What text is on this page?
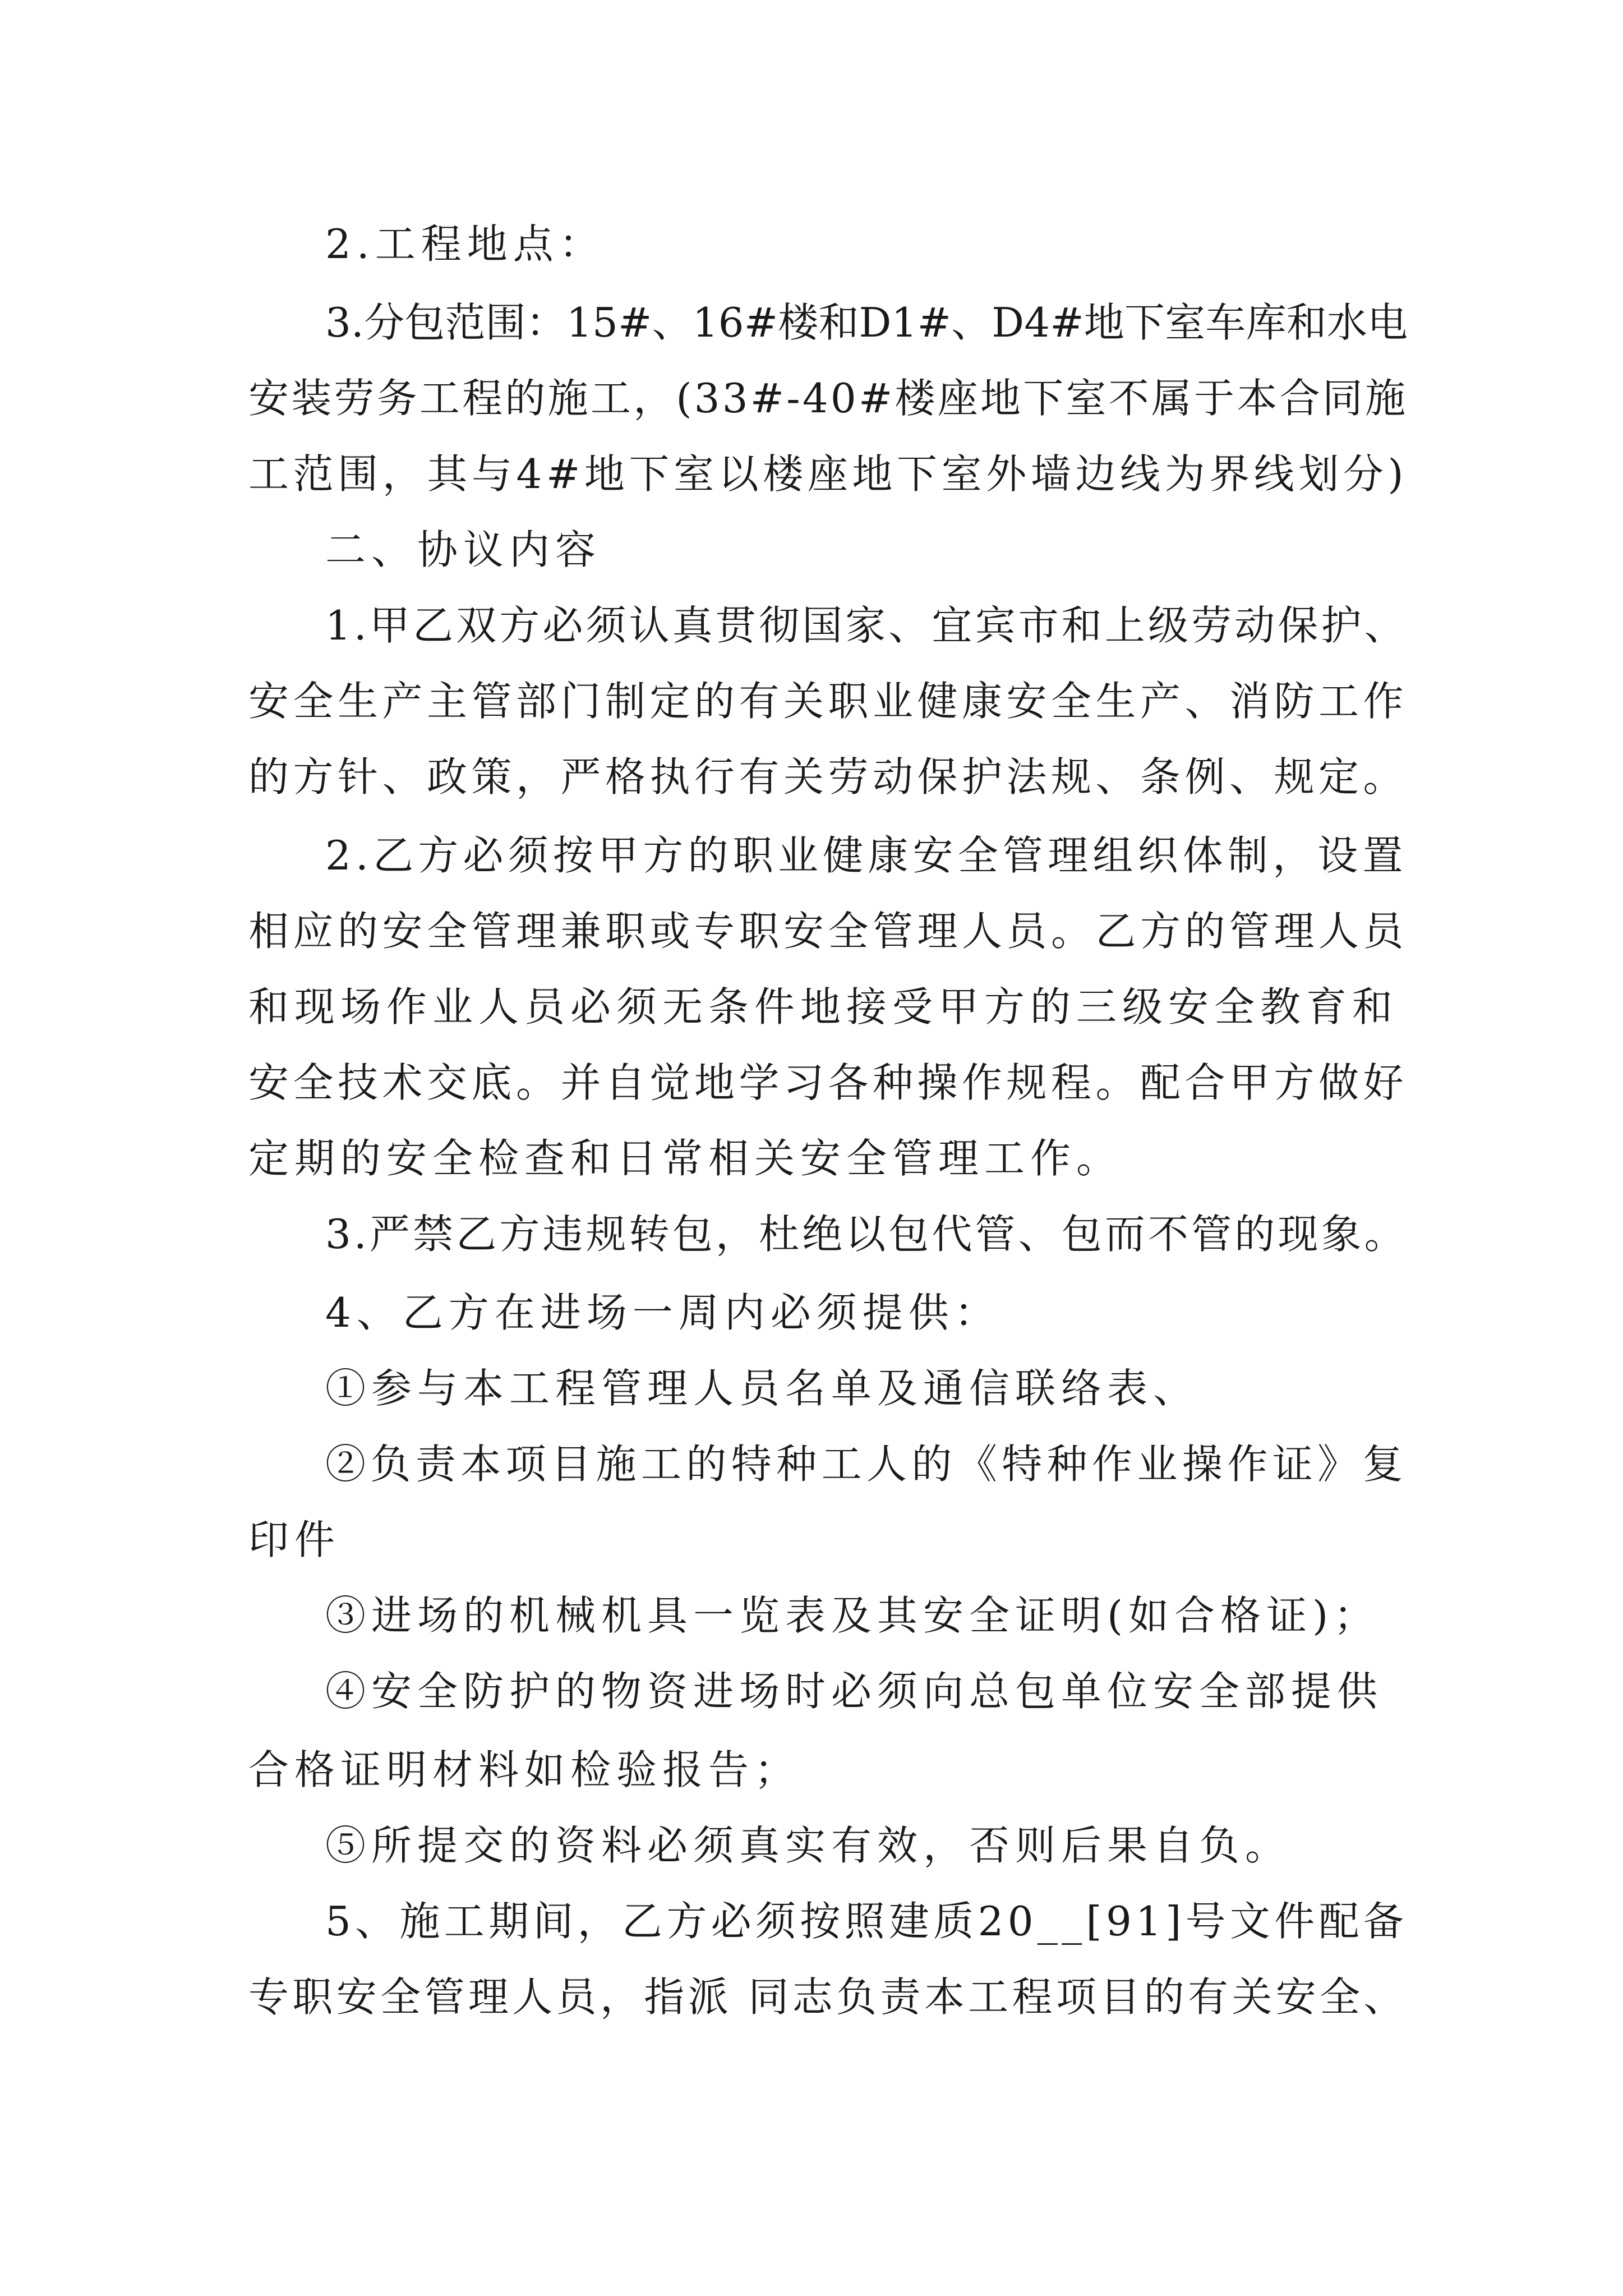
2.工程地点：

3.分包范围：15#、16#楼和D1#、D4#地下室车库和水电

安装劳务工程的施工，(33#-40#楼座地下室不属于本合同施

工范围，其与4#地下室以楼座地下室外墙边线为界线划分)

二、协议内容

1.甲乙双方必须认真贯彻国家、宜宾市和上级劳动保护、

安全生产主管部门制定的有关职业健康安全生产、消防工作

的方针、政策，严格执行有关劳动保护法规、条例、规定。

2.乙方必须按甲方的职业健康安全管理组织体制，设置

相应的安全管理兼职或专职安全管理人员。乙方的管理人员

和现场作业人员必须无条件地接受甲方的三级安全教育和

安全技术交底。并自觉地学习各种操作规程。配合甲方做好

定期的安全检查和日常相关安全管理工作。

3.严禁乙方违规转包，杜绝以包代管、包而不管的现象。

4、乙方在进场一周内必须提供：

①参与本工程管理人员名单及通信联络表、

②负责本项目施工的特种工人的《特种作业操作证》复

印件

③进场的机械机具一览表及其安全证明(如合格证)；

④安全防护的物资进场时必须向总包单位安全部提供

合格证明材料如检验报告；

⑤所提交的资料必须真实有效，否则后果自负。

5、施工期间，乙方必须按照建质20__[91]号文件配备

专职安全管理人员，指派 同志负责本工程项目的有关安全、
